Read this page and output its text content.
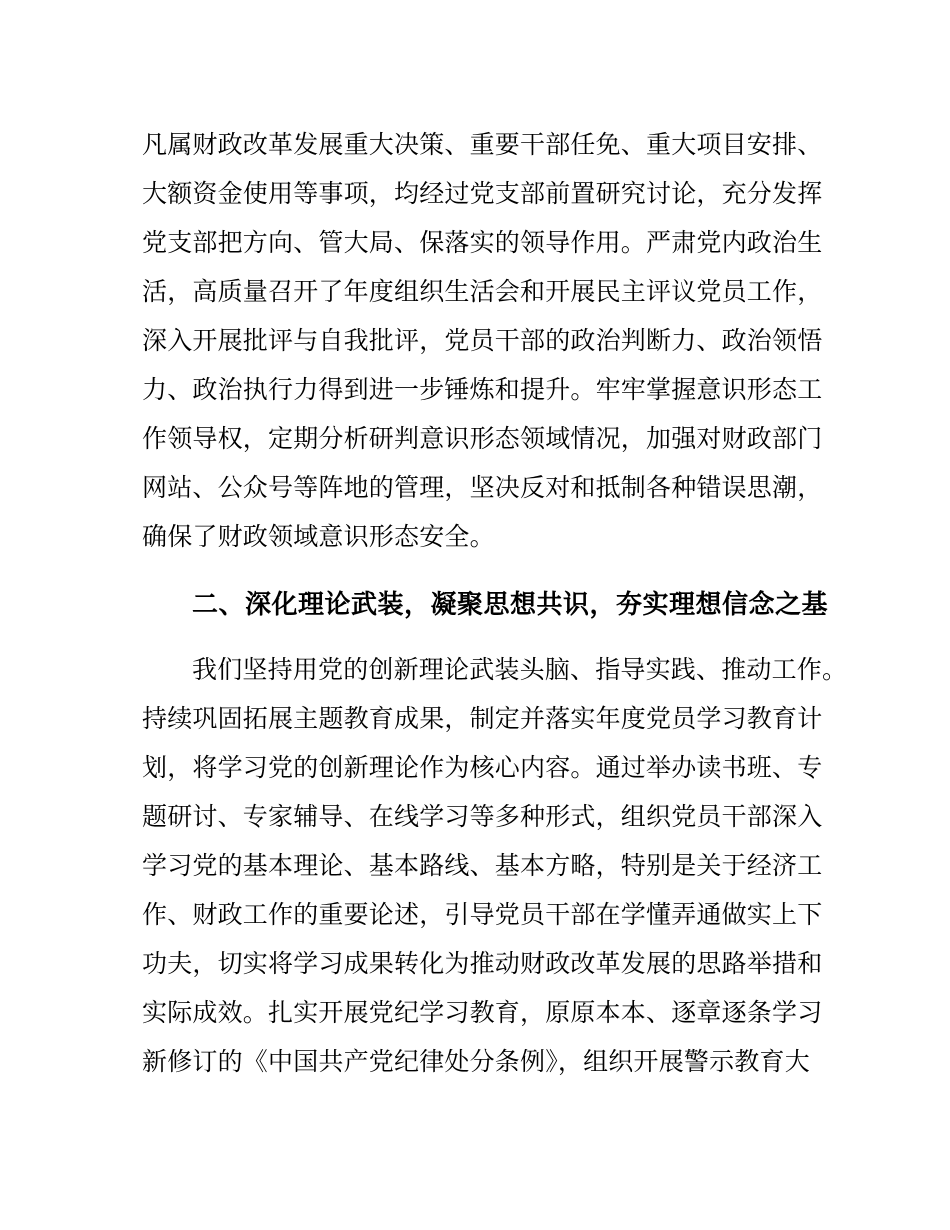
凡属财政改革发展重大决策、重要干部任免、重大项目安排、
大额资金使用等事项，均经过党支部前置研究讨论，充分发挥
党支部把方向、管大局、保落实的领导作用。严肃党内政治生
活，高质量召开了年度组织生活会和开展民主评议党员工作，
深入开展批评与自我批评，党员干部的政治判断力、政治领悟
力、政治执行力得到进一步锤炼和提升。牢牢掌握意识形态工
作领导权，定期分析研判意识形态领域情况，加强对财政部门
网站、公众号等阵地的管理，坚决反对和抵制各种错误思潮，
确保了财政领域意识形态安全。
二、深化理论武装，凝聚思想共识，夯实理想信念之基
我们坚持用党的创新理论武装头脑、指导实践、推动工作。
持续巩固拓展主题教育成果，制定并落实年度党员学习教育计
划，将学习党的创新理论作为核心内容。通过举办读书班、专
题研讨、专家辅导、在线学习等多种形式，组织党员干部深入
学习党的基本理论、基本路线、基本方略，特别是关于经济工
作、财政工作的重要论述，引导党员干部在学懂弄通做实上下
功夫，切实将学习成果转化为推动财政改革发展的思路举措和
实际成效。扎实开展党纪学习教育，原原本本、逐章逐条学习
新修订的《中国共产党纪律处分条例》，组织开展警示教育大
